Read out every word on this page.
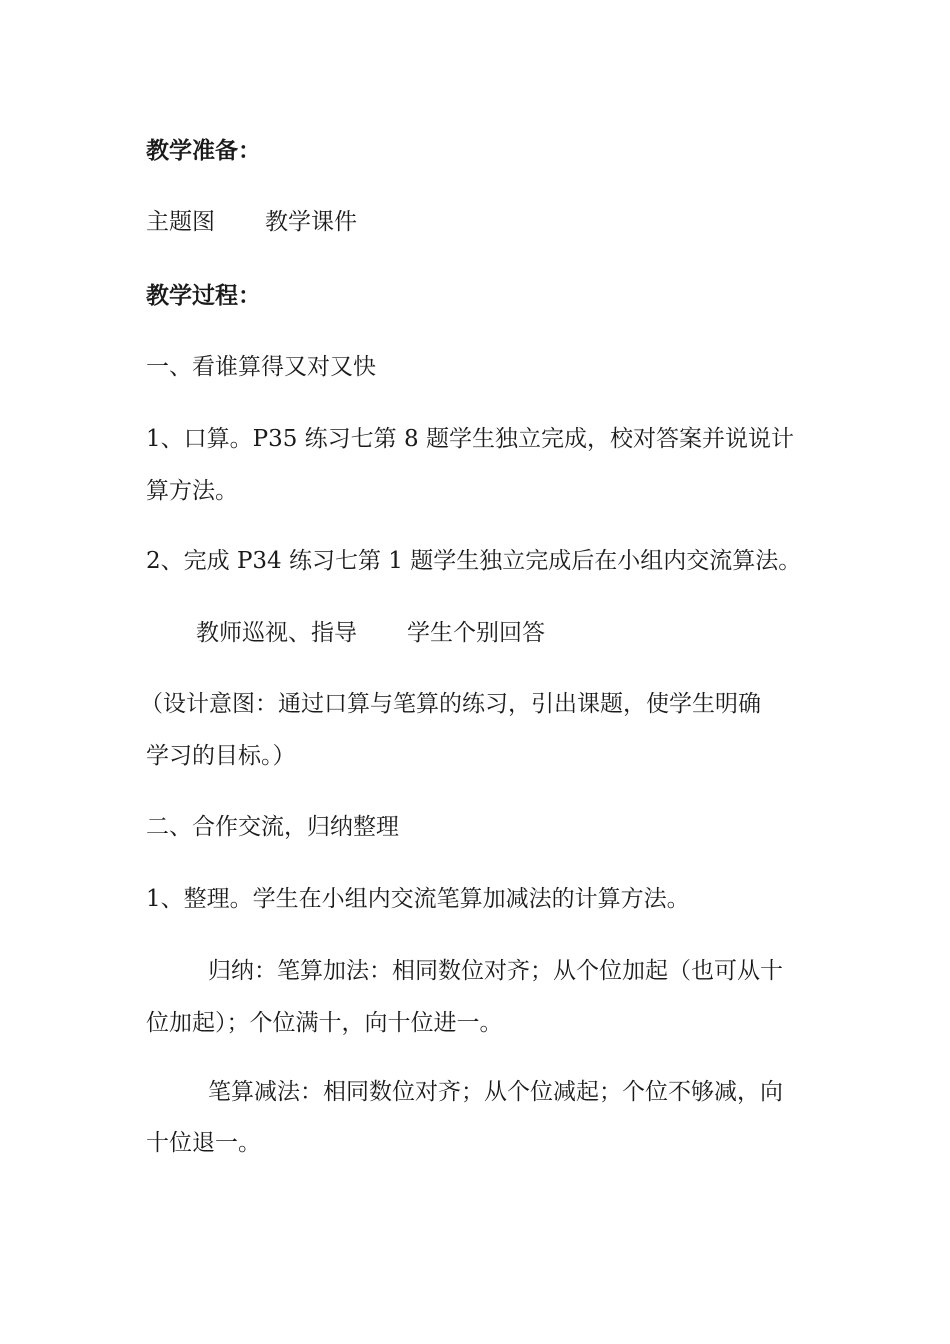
教学准备：
主题图 教学课件
教学过程：
一、看谁算得又对又快
1、口算。P35 练习七第 8 题学生独立完成，校对答案并说说计
算方法。
2、完成 P34 练习七第 1 题学生独立完成后在小组内交流算法。
教师巡视、指导 学生个别回答
（设计意图：通过口算与笔算的练习，引出课题，使学生明确
学习的目标。）
二、合作交流，归纳整理
1、整理。学生在小组内交流笔算加减法的计算方法。
归纳：笔算加法：相同数位对齐；从个位加起（也可从十
位加起）；个位满十，向十位进一。
笔算减法：相同数位对齐；从个位减起；个位不够减，向
十位退一。
